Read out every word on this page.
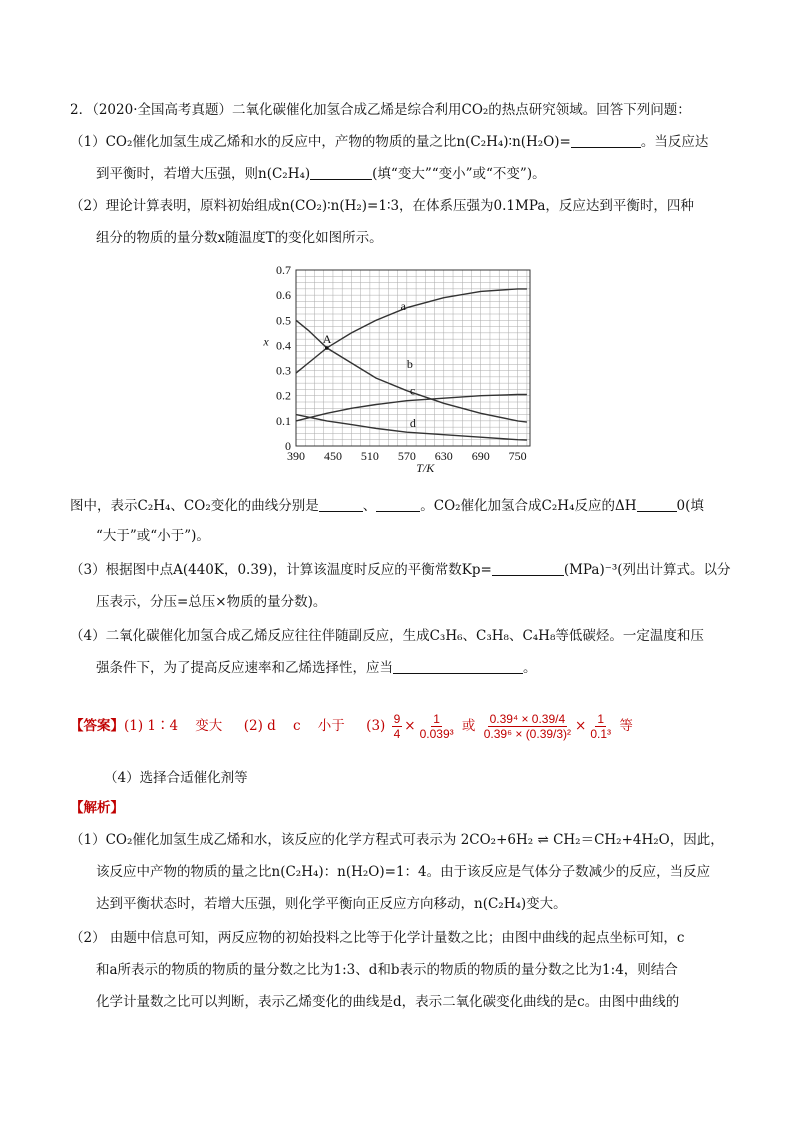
2．（2020·全国高考真题）二氧化碳催化加氢合成乙烯是综合利用CO₂的热点研究领域。回答下列问题：
（1）CO₂催化加氢生成乙烯和水的反应中，产物的物质的量之比n(C₂H₄)∶n(H₂O)=	。当反应达
到平衡时，若增大压强，则n(C₂H₄)	(填“变大”“变小”或“不变”)。
（2）理论计算表明，原料初始组成n(CO₂)∶n(H₂)=1∶3，在体系压强为0.1MPa，反应达到平衡时，四种
组分的物质的量分数x随温度T的变化如图所示。
0
0.1
0.2
0.3
0.4
0.5
0.6
0.7
390 450 510 570 630 690 750
T/K
x
a
b
c
d
A
图中，表示C₂H₄、CO₂变化的曲线分别是	、	。CO₂催化加氢合成C₂H₄反应的ΔH	0(填
“大于”或“小于”)。
（3）根据图中点A(440K，0.39)，计算该温度时反应的平衡常数Kp=	(MPa)⁻³(列出计算式。以分
压表示，分压=总压×物质的量分数)。
（4）二氧化碳催化加氢合成乙烯反应往往伴随副反应，生成C₃H₆、C₃H₈、C₄H₈等低碳烃。一定温度和压
强条件下，为了提高反应速率和乙烯选择性，应当	。
【答案】(1) 1∶4 变大 (2) d c 小于 $(3) \frac{9}{4} \times \frac{1}{\text{0.039³}}$ 或 $\frac{\text{0.39⁴ × 0.39/4}}{\text{0.39⁶ × (0.39/3)²}} \times \frac{1}{\text{0.1³}}$ 等
（4）选择合适催化剂等
【解析】
（1）CO₂催化加氢生成乙烯和水，该反应的化学方程式可表示为 2CO₂+6H₂ ⇌ CH₂＝CH₂+4H₂O，因此，
该反应中产物的物质的量之比n(C₂H₄)：n(H₂O)=1：4。由于该反应是气体分子数减少的反应，当反应
达到平衡状态时，若增大压强，则化学平衡向正反应方向移动，n(C₂H₄)变大。
（2） 由题中信息可知，两反应物的初始投料之比等于化学计量数之比；由图中曲线的起点坐标可知，c
和a所表示的物质的物质的量分数之比为1:3、d和b表示的物质的物质的量分数之比为1:4，则结合
化学计量数之比可以判断，表示乙烯变化的曲线是d，表示二氧化碳变化曲线的是c。由图中曲线的
